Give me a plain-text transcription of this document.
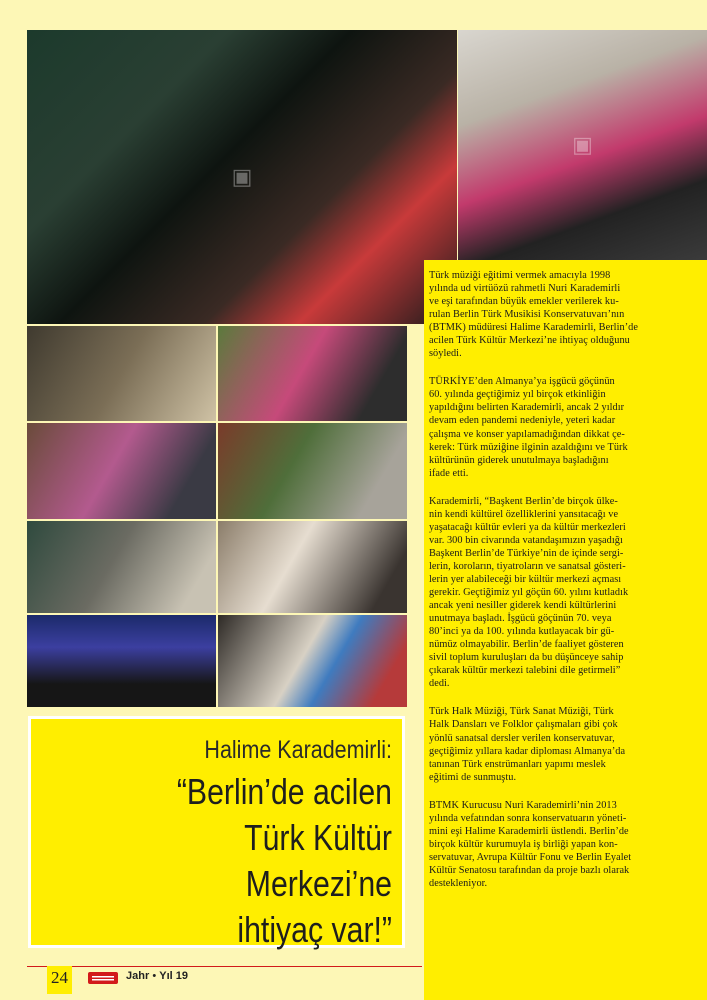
▣
▣

Türk müziği eğitimi vermek amacıyla 1998
yılında ud virtüözü rahmetli Nuri Karademirli
ve eşi tarafından büyük emekler verilerek ku-
rulan Berlin Türk Musikisi Konservatuvarı’nın
(BTMK) müdüresi Halime Karademirli, Berlin’de
acilen Türk Kültür Merkezi’ne ihtiyaç olduğunu
söyledi.

TÜRKİYE’den Almanya’ya işgücü göçünün
60. yılında geçtiğimiz yıl birçok etkinliğin
yapıldığını belirten Karademirli, ancak 2 yıldır
devam eden pandemi nedeniyle, yeteri kadar
çalışma ve konser yapılamadığından dikkat çe-
kerek: Türk müziğine ilginin azaldığını ve Türk
kültürünün giderek unutulmaya başladığını
ifade etti.

Karademirli, “Başkent Berlin’de birçok ülke-
nin kendi kültürel özelliklerini yansıtacağı ve
yaşatacağı kültür evleri ya da kültür merkezleri
var. 300 bin civarında vatandaşımızın yaşadığı
Başkent Berlin’de Türkiye’nin de içinde sergi-
lerin, koroların, tiyatroların ve sanatsal gösteri-
lerin yer alabileceği bir kültür merkezi açması
gerekir. Geçtiğimiz yıl göçün 60. yılını kutladık
ancak yeni nesiller giderek kendi kültürlerini
unutmaya başladı. İşgücü göçünün 70. veya
80’inci ya da 100. yılında kutlayacak bir gü-
nümüz olmayabilir. Berlin’de faaliyet gösteren
sivil toplum kuruluşları da bu düşünceye sahip
çıkarak kültür merkezi talebini dile getirmeli”
dedi.

Türk Halk Müziği, Türk Sanat Müziği, Türk
Halk Dansları ve Folklor çalışmaları gibi çok
yönlü sanatsal dersler verilen konservatuvar,
geçtiğimiz yıllara kadar diploması Almanya’da
tanınan Türk enstrümanları yapımı meslek
eğitimi de sunmuştu.

BTMK Kurucusu Nuri Karademirli’nin 2013
yılında vefatından sonra konservatuarın yöneti-
mini eşi Halime Karademirli üstlendi. Berlin’de
birçok kültür kurumuyla iş birliği yapan kon-
servatuvar, Avrupa Kültür Fonu ve Berlin Eyalet
Kültür Senatosu tarafından da proje bazlı olarak
destekleniyor.

Halime Karademirli:
“Berlin’de acilen
Türk Kültür Merkezi’ne
ihtiyaç var!”
24	Jahr • Yıl 19
